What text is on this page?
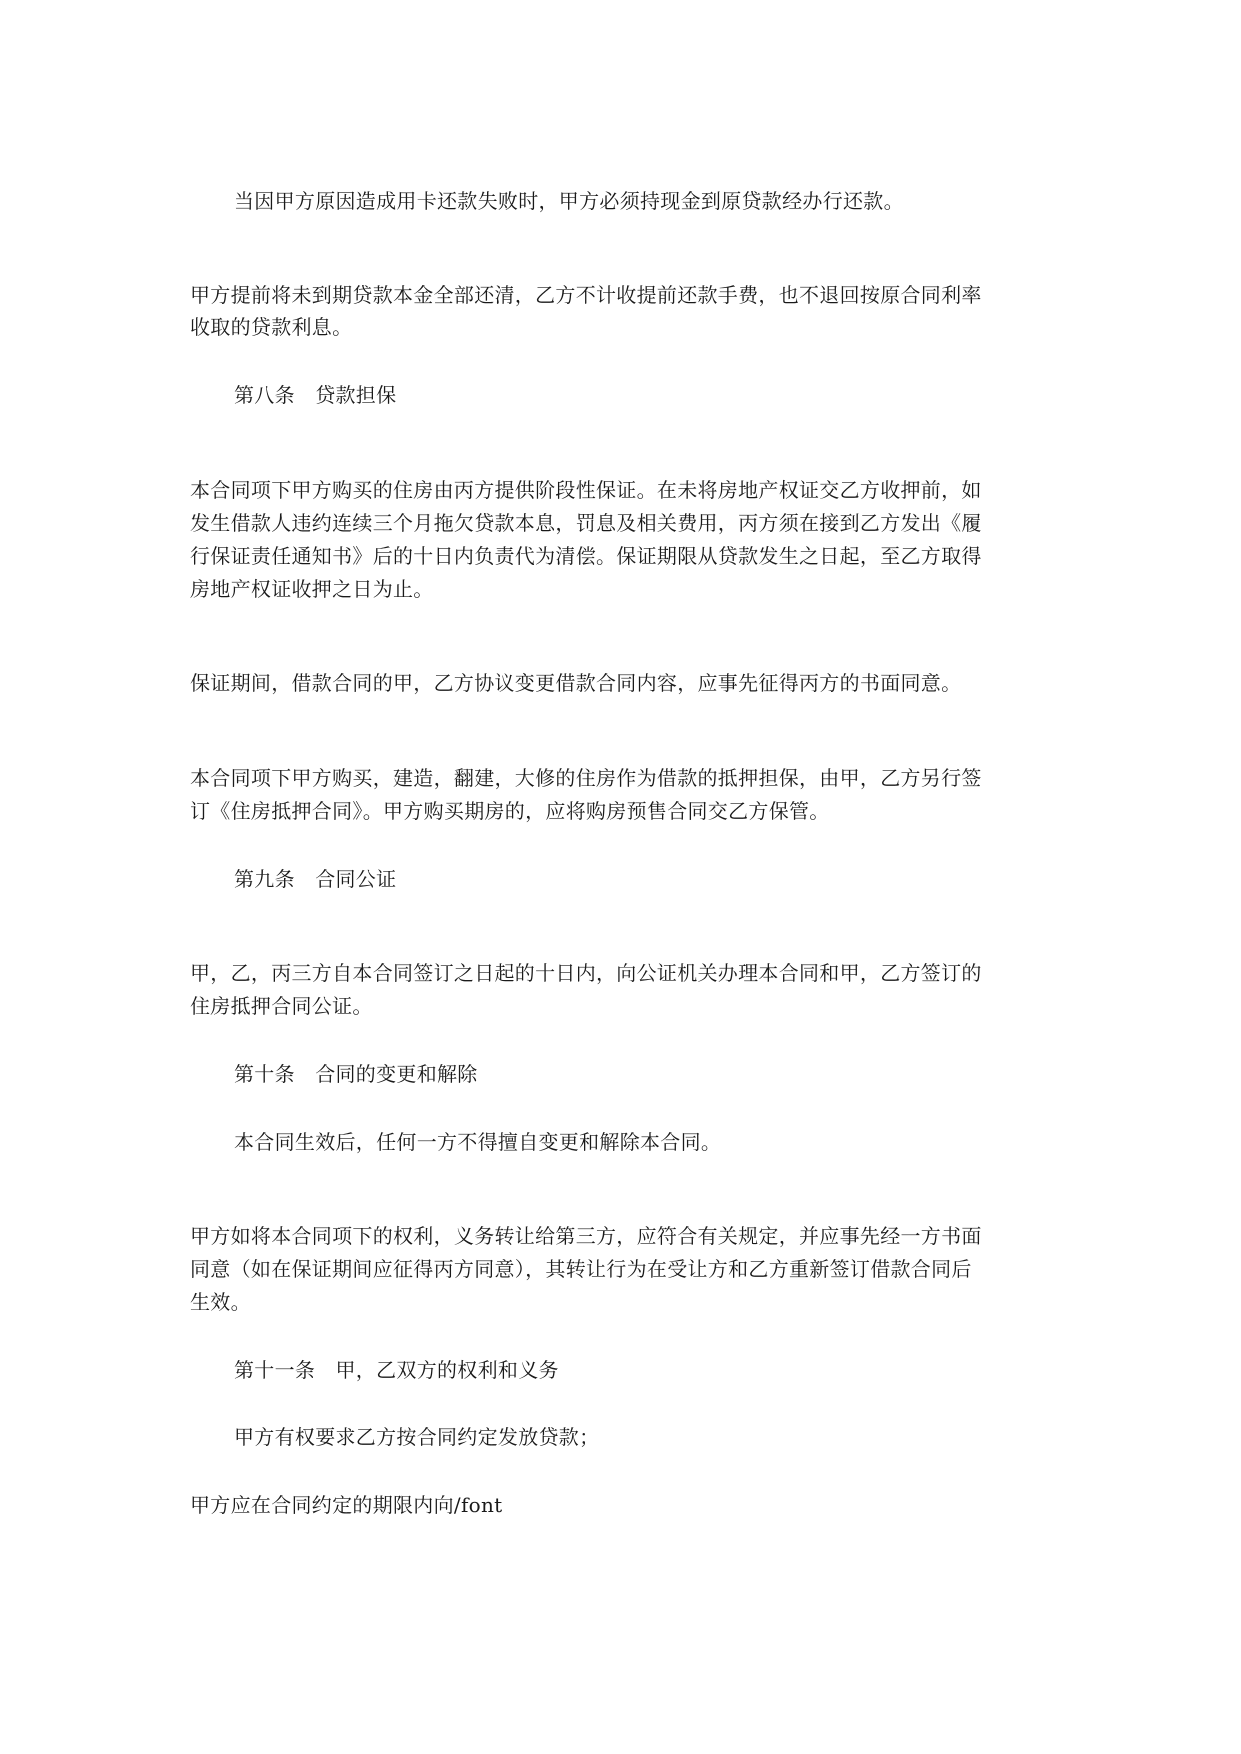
当因甲方原因造成用卡还款失败时，甲方必须持现金到原贷款经办行还款。
甲方提前将未到期贷款本金全部还清，乙方不计收提前还款手费，也不退回按原合同利率
收取的贷款利息。
第八条　贷款担保
本合同项下甲方购买的住房由丙方提供阶段性保证。在未将房地产权证交乙方收押前，如
发生借款人违约连续三个月拖欠贷款本息，罚息及相关费用，丙方须在接到乙方发出《履
行保证责任通知书》后的十日内负责代为清偿。保证期限从贷款发生之日起，至乙方取得
房地产权证收押之日为止。
保证期间，借款合同的甲，乙方协议变更借款合同内容，应事先征得丙方的书面同意。
本合同项下甲方购买，建造，翻建，大修的住房作为借款的抵押担保，由甲，乙方另行签
订《住房抵押合同》。甲方购买期房的，应将购房预售合同交乙方保管。
第九条　合同公证
甲，乙，丙三方自本合同签订之日起的十日内，向公证机关办理本合同和甲，乙方签订的
住房抵押合同公证。
第十条　合同的变更和解除
本合同生效后，任何一方不得擅自变更和解除本合同。
甲方如将本合同项下的权利，义务转让给第三方，应符合有关规定，并应事先经一方书面
同意（如在保证期间应征得丙方同意），其转让行为在受让方和乙方重新签订借款合同后
生效。
第十一条　甲，乙双方的权利和义务
甲方有权要求乙方按合同约定发放贷款；
甲方应在合同约定的期限内向/font
